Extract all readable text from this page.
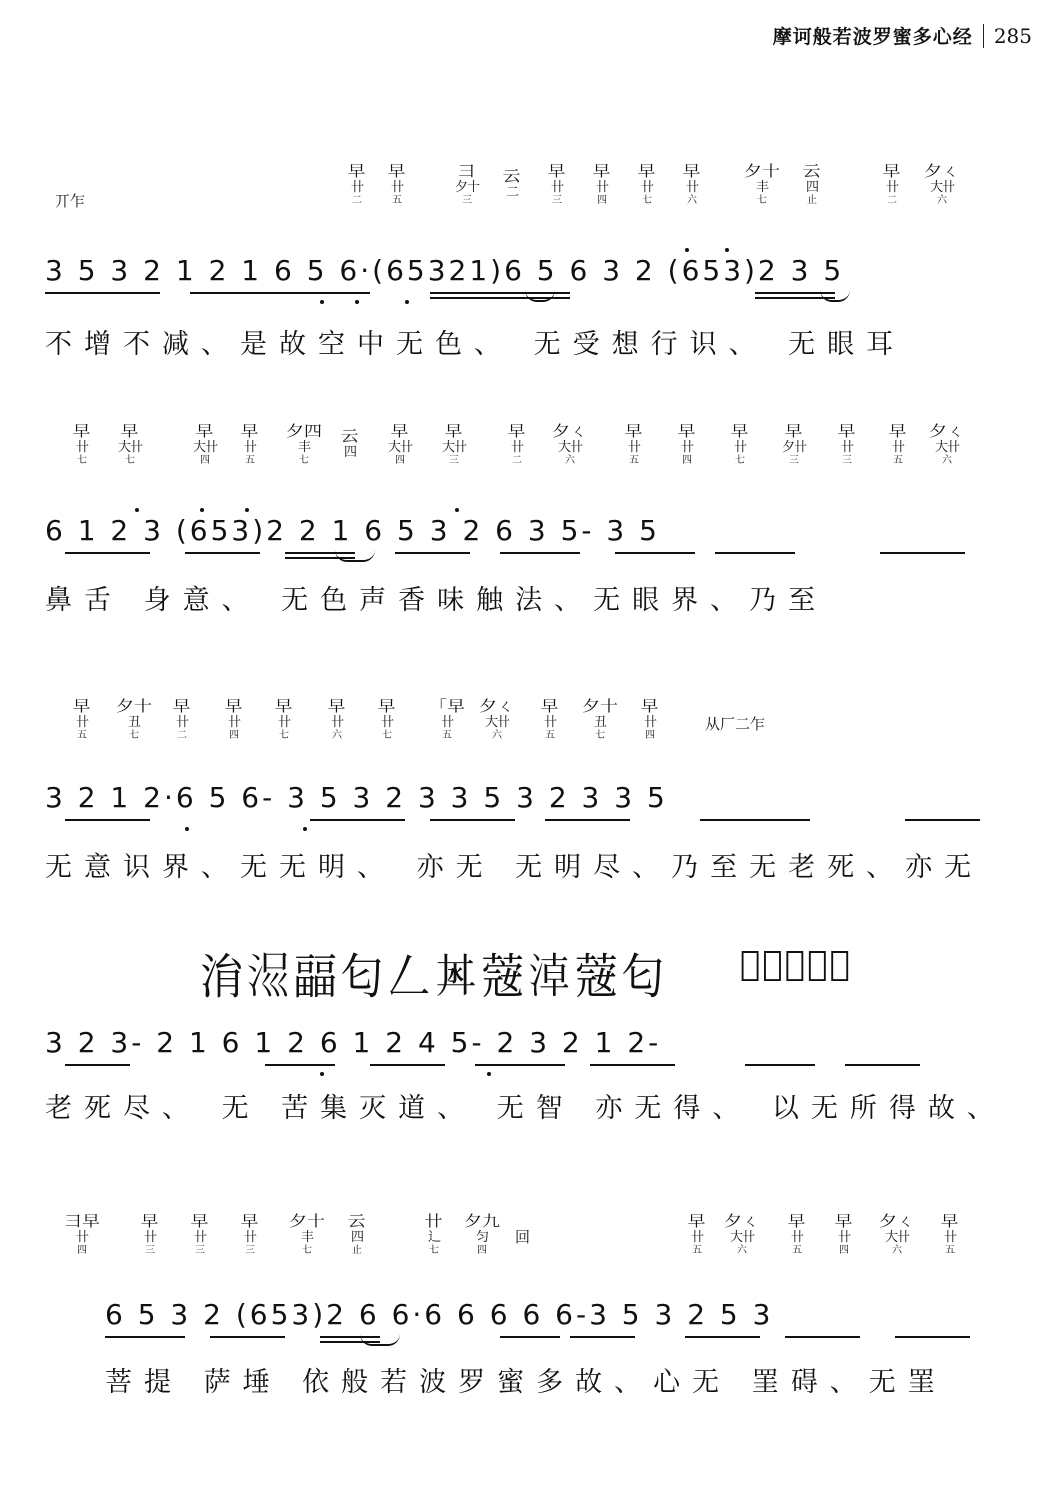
摩诃般若波罗蜜多心经 285
丌乍
早
卄
二
早
卄
五
彐
夕十
三
云
二
早
卄
三
早
卄
四
早
卄
七
早
卄
六
夕十
丰
七
云
四
止
早
卄
二
夕ㄑ
大卄
六
3 5 3 2 1 2 1 6 5 6·(65321)6 5 6 3 2 (653)2 3 5
不增不减、是故空中无色、 无受想行识、 无眼耳
早
卄
七
早
大卄
七
早
大卄
四
早
卄
五
夕四
丰
七
云
四
早
大卄
四
早
大卄
三
早
卄
二
夕ㄑ
大卄
六
早
卄
五
早
卄
四
早
卄
七
早
夕卄
三
早
卄
三
早
卄
五
夕ㄑ
大卄
六
6 1 2 3 (653)2 2 1 6 5 3 2 6 3 5- 3 5
鼻舌 身意、 无色声香味触法、无眼界、乃至
早
卄
五
夕十
丑
七
早
卄
二
早
卄
四
早
卄
七
早
卄
六
早
卄
七
「早
卄
五
夕ㄑ
大卄
六
早
卄
五
夕十
丑
七
早
卄
四
从厂二乍
3 2 1 2·6 5 6- 3 5 3 2 3 3 5 3 2 3 3 5
无意识界、无无明、 亦无 无明尽、乃至无老死、亦无
㳙𣳧㽬匂𠃋𣲜𦸅𣶃𦸅匂 𠀆九𠀆𧀧𠀆
3 2 3- 2 1 6 1 2 6 1 2 4 5- 2 3 2 1 2-
老死尽、 无 苦集灭道、 无智 亦无得、 以无所得故、
彐早
卄
四
早
卄
三
早
卄
三
早
卄
三
夕十
丰
七
云
四
止
卄
辶
七
夕九
匀
四
回
早
卄
五
夕ㄑ
大卄
六
早
卄
五
早
卄
四
夕ㄑ
大卄
六
早
卄
五
6 5 3 2 (653)2 6 6·6 6 6 6 6-3 5 3 2 5 3
菩提 萨埵 依般若波罗蜜多故、心无 罣碍、无罣
